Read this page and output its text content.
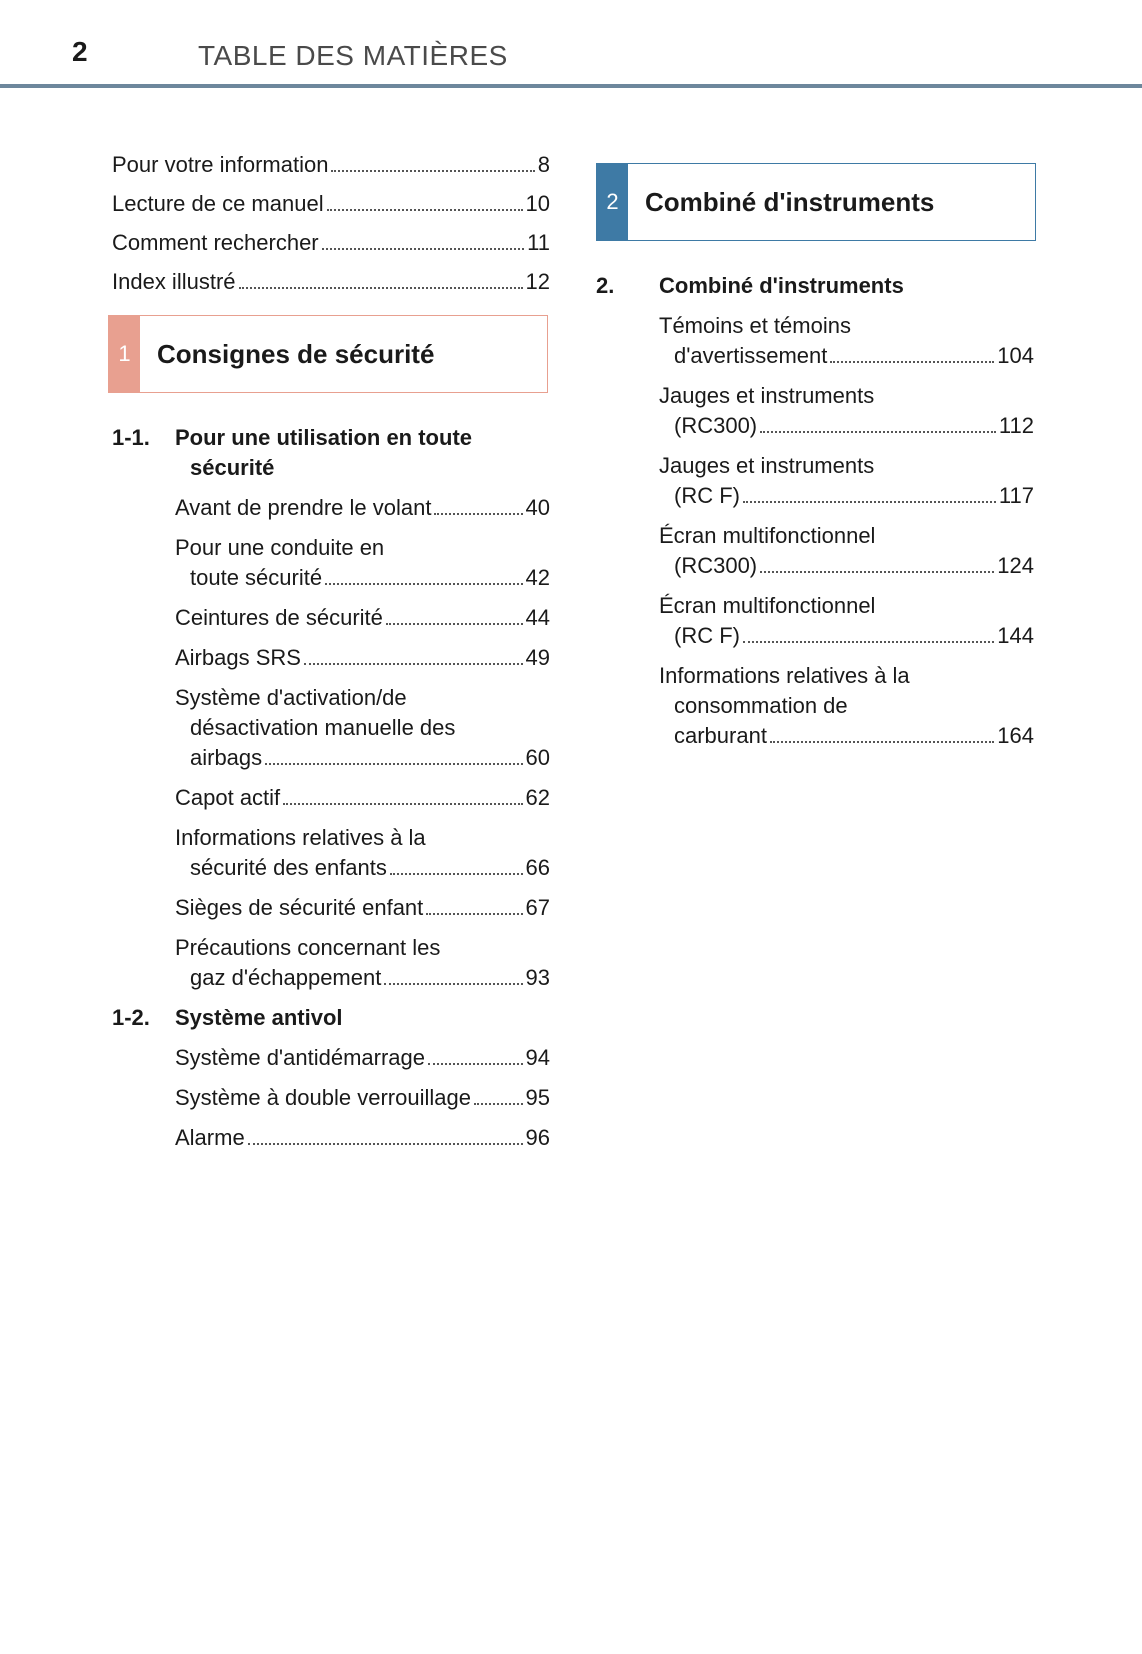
2	TABLE DES MATIÈRES
Pour votre information	8
Lecture de ce manuel	10
Comment rechercher	11
Index illustré	12
1	Consignes de sécurité
1-1.	Pour une utilisation en toute
sécurité
Avant de prendre le volant	40
Pour une conduite en
toute sécurité	42
Ceintures de sécurité	44
Airbags SRS	49
Système d'activation/de
désactivation manuelle des
airbags	60
Capot actif	62
Informations relatives à la
sécurité des enfants	66
Sièges de sécurité enfant	67
Précautions concernant les
gaz d'échappement	93
1-2.	Système antivol
Système d'antidémarrage	94
Système à double verrouillage 95
Alarme	96
2	Combiné d'instruments
2.	Combiné d'instruments
Témoins et témoins
d'avertissement	104
Jauges et instruments
(RC300)	112
Jauges et instruments
(RC F)	117
Écran multifonctionnel
(RC300)	124
Écran multifonctionnel
(RC F)	144
Informations relatives à la
consommation de
carburant	164
